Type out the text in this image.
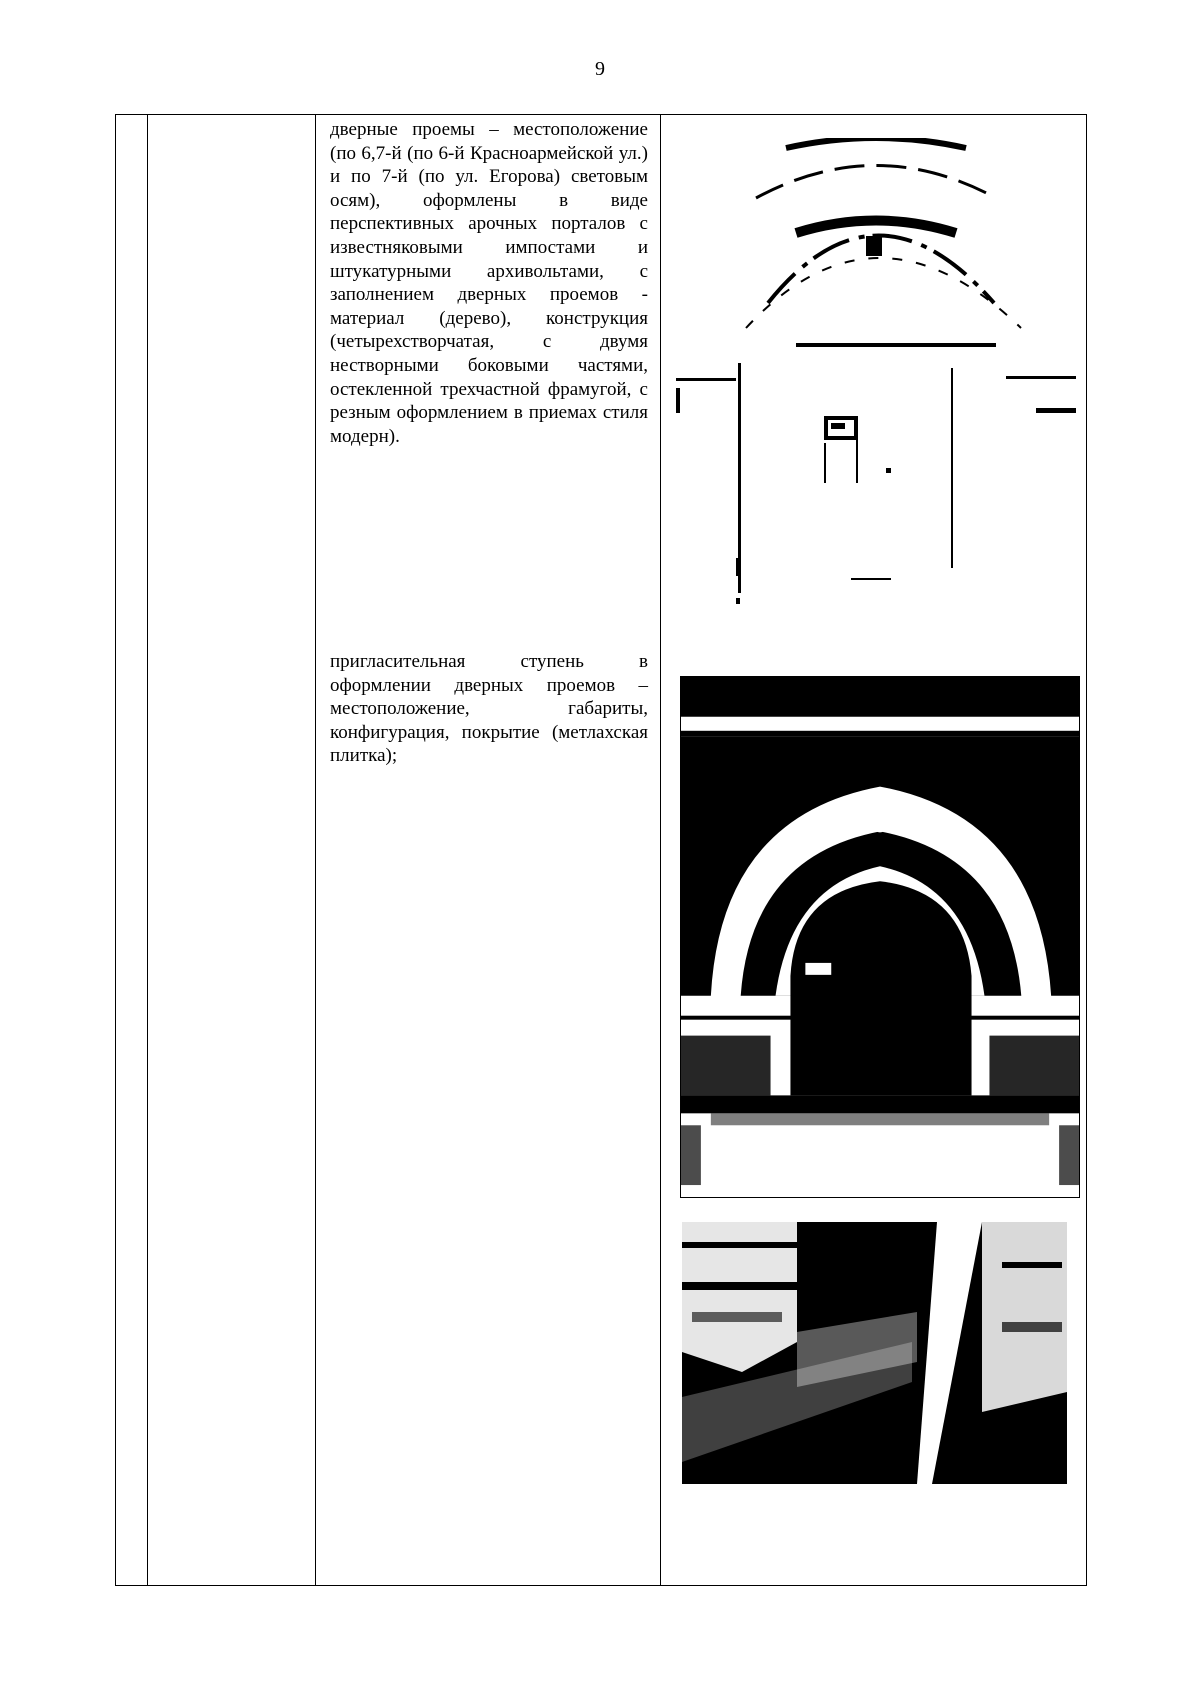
9
дверные проемы – местоположение (по 6,7-й (по 6-й Красноармейской ул.) и по 7-й (по ул. Егорова) световым осям), оформлены в виде перспективных арочных порталов с известняковыми импостами и штукатурными архивольтами, с заполнением дверных проемов - материал (дерево), конструкция (четырехстворчатая, с двумя нестворными боковыми частями, остекленной трехчастной фрамугой, с резным оформлением в приемах стиля модерн).
пригласительная ступень в оформлении дверных проемов – местоположение, габариты, конфигурация, покрытие (метлахская плитка);
